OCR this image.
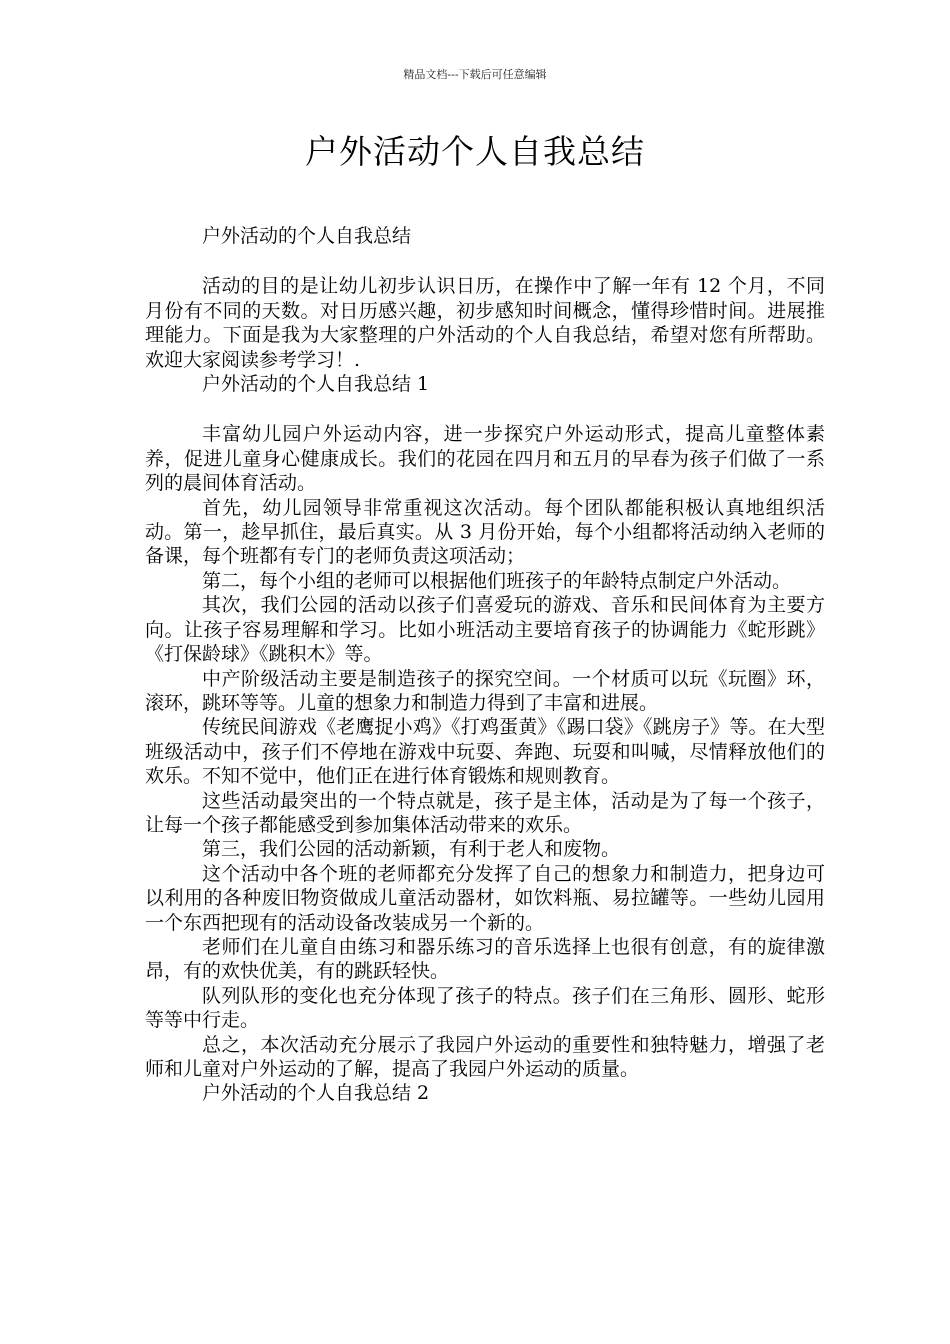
精品文档---下载后可任意编辑
户外活动个人自我总结

户外活动的个人自我总结

活动的目的是让幼儿初步认识日历，在操作中了解一年有 12 个月，不同月份有不同的天数。对日历感兴趣，初步感知时间概念，懂得珍惜时间。进展推理能力。下面是我为大家整理的户外活动的个人自我总结，希望对您有所帮助。欢迎大家阅读参考学习！.

户外活动的个人自我总结 1

丰富幼儿园户外运动内容，进一步探究户外运动形式，提高儿童整体素养，促进儿童身心健康成长。我们的花园在四月和五月的早春为孩子们做了一系列的晨间体育活动。

首先，幼儿园领导非常重视这次活动。每个团队都能积极认真地组织活动。第一，趁早抓住，最后真实。从 3 月份开始，每个小组都将活动纳入老师的备课，每个班都有专门的老师负责这项活动；

第二，每个小组的老师可以根据他们班孩子的年龄特点制定户外活动。

其次，我们公园的活动以孩子们喜爱玩的游戏、音乐和民间体育为主要方向。让孩子容易理解和学习。比如小班活动主要培育孩子的协调能力《蛇形跳》《打保龄球》《跳积木》等。

中产阶级活动主要是制造孩子的探究空间。一个材质可以玩《玩圈》环，滚环，跳环等等。儿童的想象力和制造力得到了丰富和进展。

传统民间游戏《老鹰捉小鸡》《打鸡蛋黄》《踢口袋》《跳房子》等。在大型班级活动中，孩子们不停地在游戏中玩耍、奔跑、玩耍和叫喊，尽情释放他们的欢乐。不知不觉中，他们正在进行体育锻炼和规则教育。

这些活动最突出的一个特点就是，孩子是主体，活动是为了每一个孩子，让每一个孩子都能感受到参加集体活动带来的欢乐。

第三，我们公园的活动新颖，有利于老人和废物。

这个活动中各个班的老师都充分发挥了自己的想象力和制造力，把身边可以利用的各种废旧物资做成儿童活动器材，如饮料瓶、易拉罐等。一些幼儿园用一个东西把现有的活动设备改装成另一个新的。

老师们在儿童自由练习和器乐练习的音乐选择上也很有创意，有的旋律激昂，有的欢快优美，有的跳跃轻快。

队列队形的变化也充分体现了孩子的特点。孩子们在三角形、圆形、蛇形等等中行走。

总之，本次活动充分展示了我园户外运动的重要性和独特魅力，增强了老师和儿童对户外运动的了解，提高了我园户外运动的质量。

户外活动的个人自我总结 2
